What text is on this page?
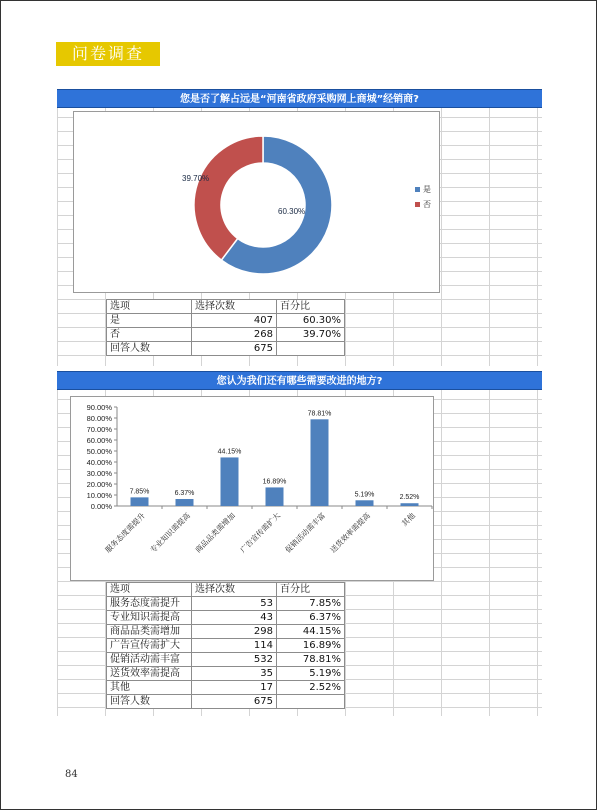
问卷调查
您是否了解占远是“河南省政府采购网上商城”经销商?
60.30%
39.70%
是
否
选项	选择次数	百分比
是	407	60.30%
否	268	39.70%
回答人数	675	
您认为我们还有哪些需要改进的地方?
0.00%
10.00%
20.00%
30.00%
40.00%
50.00%
60.00%
70.00%
80.00%
90.00%
7.85%
服务态度需提升
6.37%
专业知识需提高
44.15%
商品品类需增加
16.89%
广告宣传需扩大
78.81%
促销活动需丰富
5.19%
送货效率需提高
2.52%
其他
选项	选择次数	百分比
服务态度需提升	53	7.85%
专业知识需提高	43	6.37%
商品品类需增加	298	44.15%
广告宣传需扩大	114	16.89%
促销活动需丰富	532	78.81%
送货效率需提高	35	5.19%
其他	17	2.52%
回答人数	675	
84
